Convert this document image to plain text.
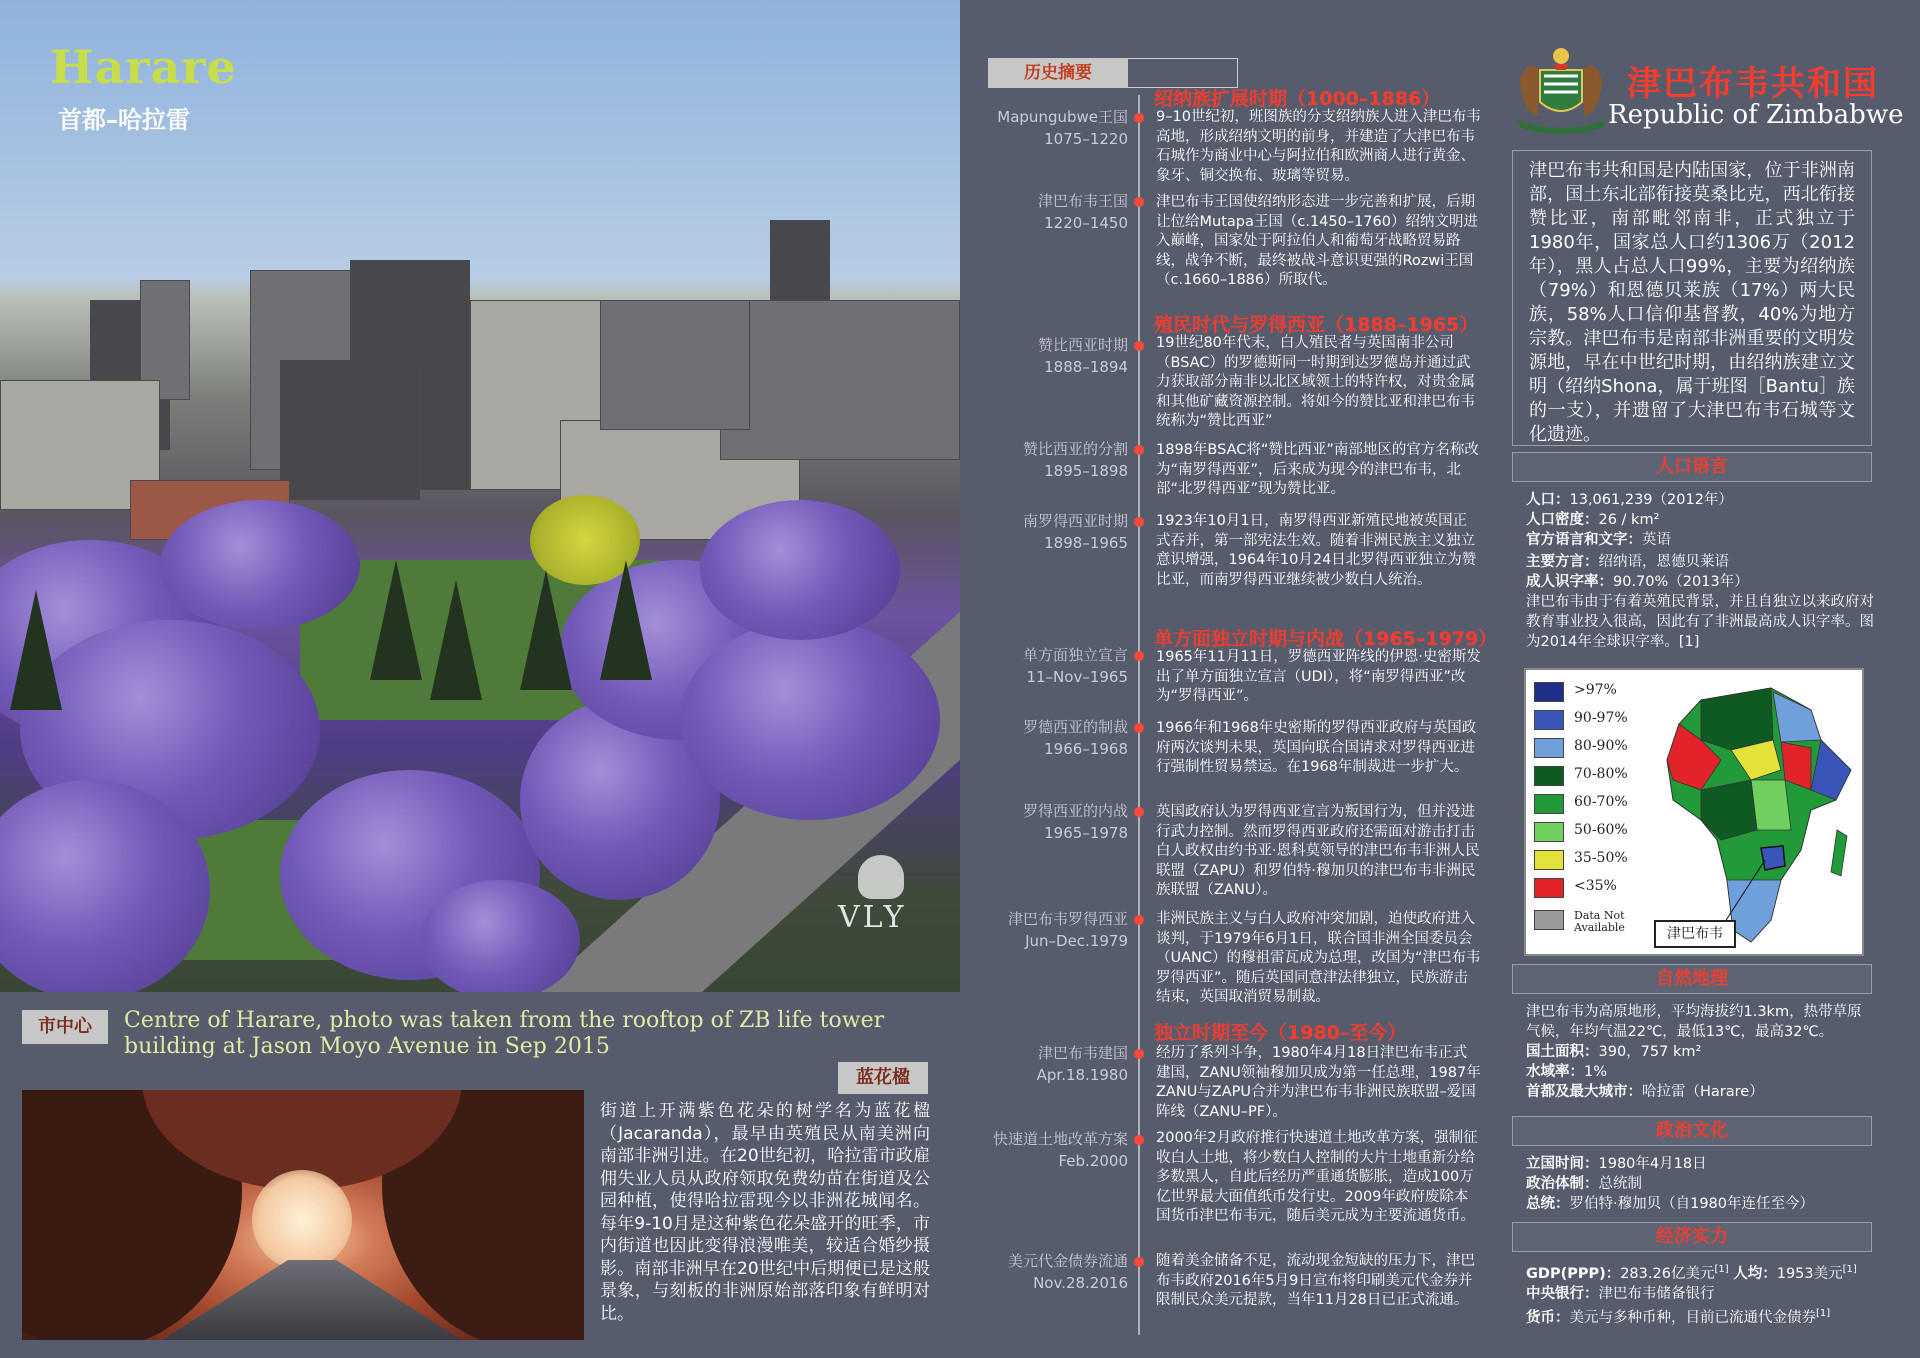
Harare
首都–哈拉雷
VLY
市中心	Centre of Harare, photo was taken from the rooftop of ZB life tower building at Jason Moyo Avenue in Sep 2015
蓝花楹
街道上开满紫色花朵的树学名为蓝花楹（Jacaranda），最早由英殖民从南美洲向南部非洲引进。在20世纪初，哈拉雷市政雇佣失业人员从政府领取免费幼苗在街道及公园种植，使得哈拉雷现今以非洲花城闻名。每年9-10月是这种紫色花朵盛开的旺季，市内街道也因此变得浪漫唯美，较适合婚纱摄影。南部非洲早在20世纪中后期便已是这般景象，与刻板的非洲原始部落印象有鲜明对比。
历史摘要
绍纳族扩展时期（1000–1886）
Mapungubwe王国
1075–1220
9–10世纪初，班图族的分支绍纳族人进入津巴布韦高地，形成绍纳文明的前身，并建造了大津巴布韦石城作为商业中心与阿拉伯和欧洲商人进行黄金、象牙、铜交换布、玻璃等贸易。
津巴布韦王国
1220–1450
津巴布韦王国使绍纳形态进一步完善和扩展，后期让位给Mutapa王国（c.1450–1760）绍纳文明进入巅峰，国家处于阿拉伯人和葡萄牙战略贸易路线，战争不断，最终被战斗意识更强的Rozwi王国（c.1660–1886）所取代。
殖民时代与罗得西亚（1888–1965）
赞比西亚时期
1888–1894
19世纪80年代末，白人殖民者与英国南非公司（BSAC）的罗德斯同一时期到达罗德岛并通过武力获取部分南非以北区域领土的特许权，对贵金属和其他矿藏资源控制。将如今的赞比亚和津巴布韦统称为“赞比西亚”
赞比西亚的分割
1895–1898
1898年BSAC将“赞比西亚”南部地区的官方名称改为“南罗得西亚”，后来成为现今的津巴布韦，北部“北罗得西亚”现为赞比亚。
南罗得西亚时期
1898–1965
1923年10月1日，南罗得西亚新殖民地被英国正式吞并，第一部宪法生效。随着非洲民族主义独立意识增强，1964年10月24日北罗得西亚独立为赞比亚，而南罗得西亚继续被少数白人统治。
单方面独立时期与内战（1965–1979）
单方面独立宣言
11–Nov–1965
1965年11月11日，罗德西亚阵线的伊恩·史密斯发出了单方面独立宣言（UDI），将“南罗得西亚”改为“罗得西亚”。
罗德西亚的制裁
1966–1968
1966年和1968年史密斯的罗得西亚政府与英国政府两次谈判未果，英国向联合国请求对罗得西亚进行强制性贸易禁运。在1968年制裁进一步扩大。
罗得西亚的内战
1965–1978
英国政府认为罗得西亚宣言为叛国行为，但并没进行武力控制。然而罗得西亚政府还需面对游击打击白人政权由约书亚·恩科莫领导的津巴布韦非洲人民联盟（ZAPU）和罗伯特·穆加贝的津巴布韦非洲民族联盟（ZANU）。
津巴布韦罗得西亚
Jun–Dec.1979
非洲民族主义与白人政府冲突加剧，迫使政府进入谈判，于1979年6月1日，联合国非洲全国委员会（UANC）的穆祖雷瓦成为总理，改国为“津巴布韦罗得西亚”。随后英国同意津法律独立，民族游击结束，英国取消贸易制裁。
独立时期至今（1980–至今）
津巴布韦建国
Apr.18.1980
经历了系列斗争，1980年4月18日津巴布韦正式建国，ZANU领袖穆加贝成为第一任总理，1987年ZANU与ZAPU合并为津巴布韦非洲民族联盟–爱国阵线（ZANU–PF）。
快速道土地改革方案
Feb.2000
2000年2月政府推行快速道土地改革方案，强制征收白人土地，将少数白人控制的大片土地重新分给多数黑人，自此后经历严重通货膨胀，造成100万亿世界最大面值纸币发行史。2009年政府废除本国货币津巴布韦元，随后美元成为主要流通货币。
美元代金债券流通
Nov.28.2016
随着美金储备不足，流动现金短缺的压力下，津巴布韦政府2016年5月9日宣布将印刷美元代金券并限制民众美元提款，当年11月28日已正式流通。
津巴布韦共和国
Republic of Zimbabwe
津巴布韦共和国是内陆国家，位于非洲南部，国土东北部衔接莫桑比克，西北衔接赞比亚，南部毗邻南非，正式独立于1980年，国家总人口约1306万（2012年），黑人占总人口99%，主要为绍纳族（79%）和恩德贝莱族（17%）两大民族，58%人口信仰基督教，40%为地方宗教。津巴布韦是南部非洲重要的文明发源地，早在中世纪时期，由绍纳族建立文明（绍纳Shona，属于班图［Bantu］族的一支），并遗留了大津巴布韦石城等文化遗迹。
人口语言
人口：13,061,239（2012年）
人口密度：26 / km²
官方语言和文字：英语
主要方言：绍纳语，恩德贝莱语
成人识字率：90.70%（2013年）
津巴布韦由于有着英殖民背景，并且自独立以来政府对教育事业投入很高，因此有了非洲最高成人识字率。图为2014年全球识字率。[1]
>97%
90-97%
80-90%
70-80%
60-70%
50-60%
35-50%
<35%
Data Not Available	津巴布韦
自然地理
津巴布韦为高原地形，平均海拔约1.3km，热带草原气候，年均气温22℃，最低13℃，最高32℃。
国土面积：390，757 km²
水域率：1%
首都及最大城市：哈拉雷（Harare）
政治文化
立国时间：1980年4月18日
政治体制：总统制
总统：罗伯特·穆加贝（自1980年连任至今）
经济实力
GDP(PPP)：283.26亿美元[1] 人均：1953美元[1]
中央银行：津巴布韦储备银行
货币：美元与多种币种，目前已流通代金债券[1]
